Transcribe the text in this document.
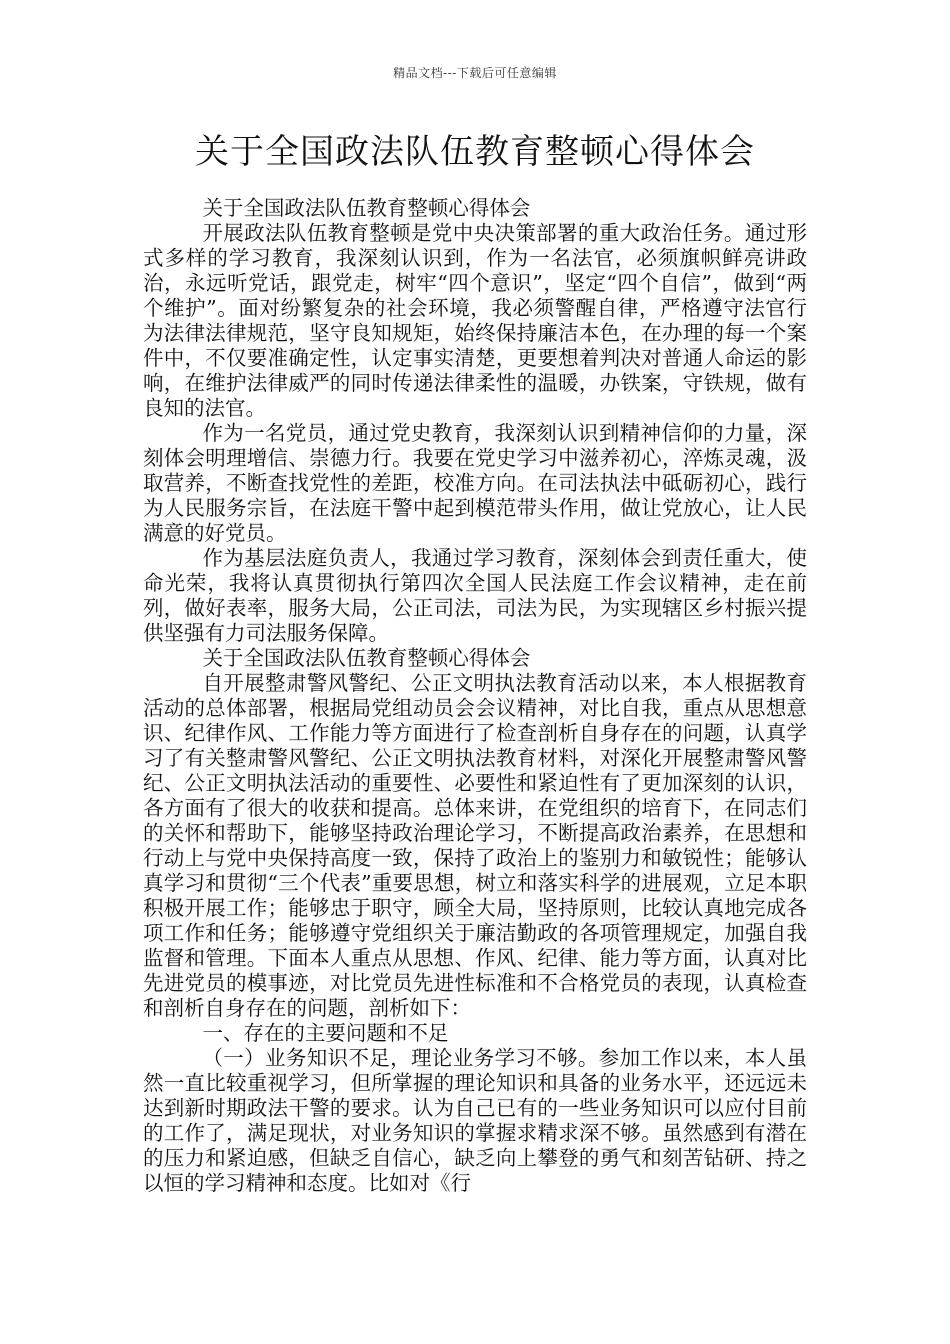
精品文档---下载后可任意编辑
关于全国政法队伍教育整顿心得体会

关于全国政法队伍教育整顿心得体会

开展政法队伍教育整顿是党中央决策部署的重大政治任务。通过形式多样的学习教育，我深刻认识到，作为一名法官，必须旗帜鲜亮讲政治，永远听党话，跟党走，树牢“四个意识”，坚定“四个自信”，做到“两个维护”。面对纷繁复杂的社会环境，我必须警醒自律，严格遵守法官行为法律法律规范，坚守良知规矩，始终保持廉洁本色，在办理的每一个案件中，不仅要准确定性，认定事实清楚，更要想着判决对普通人命运的影响，在维护法律威严的同时传递法律柔性的温暖，办铁案，守铁规，做有良知的法官。

作为一名党员，通过党史教育，我深刻认识到精神信仰的力量，深刻体会明理增信、崇德力行。我要在党史学习中滋养初心，淬炼灵魂，汲取营养，不断查找党性的差距，校准方向。在司法执法中砥砺初心，践行为人民服务宗旨，在法庭干警中起到模范带头作用，做让党放心，让人民满意的好党员。

作为基层法庭负责人，我通过学习教育，深刻体会到责任重大，使命光荣，我将认真贯彻执行第四次全国人民法庭工作会议精神，走在前列，做好表率，服务大局，公正司法，司法为民，为实现辖区乡村振兴提供坚强有力司法服务保障。

关于全国政法队伍教育整顿心得体会

自开展整肃警风警纪、公正文明执法教育活动以来，本人根据教育活动的总体部署，根据局党组动员会会议精神，对比自我，重点从思想意识、纪律作风、工作能力等方面进行了检查剖析自身存在的问题，认真学习了有关整肃警风警纪、公正文明执法教育材料，对深化开展整肃警风警纪、公正文明执法活动的重要性、必要性和紧迫性有了更加深刻的认识，各方面有了很大的收获和提高。总体来讲，在党组织的培育下，在同志们的关怀和帮助下，能够坚持政治理论学习，不断提高政治素养，在思想和行动上与党中央保持高度一致，保持了政治上的鉴别力和敏锐性；能够认真学习和贯彻“三个代表”重要思想，树立和落实科学的进展观，立足本职积极开展工作；能够忠于职守，顾全大局，坚持原则，比较认真地完成各项工作和任务；能够遵守党组织关于廉洁勤政的各项管理规定，加强自我监督和管理。下面本人重点从思想、作风、纪律、能力等方面，认真对比先进党员的模事迹，对比党员先进性标准和不合格党员的表现，认真检查和剖析自身存在的问题，剖析如下：

一、存在的主要问题和不足

（一）业务知识不足，理论业务学习不够。参加工作以来，本人虽然一直比较重视学习，但所掌握的理论知识和具备的业务水平，还远远未达到新时期政法干警的要求。认为自己已有的一些业务知识可以应付目前的工作了，满足现状，对业务知识的掌握求精求深不够。虽然感到有潜在的压力和紧迫感，但缺乏自信心，缺乏向上攀登的勇气和刻苦钻研、持之以恒的学习精神和态度。比如对《行
